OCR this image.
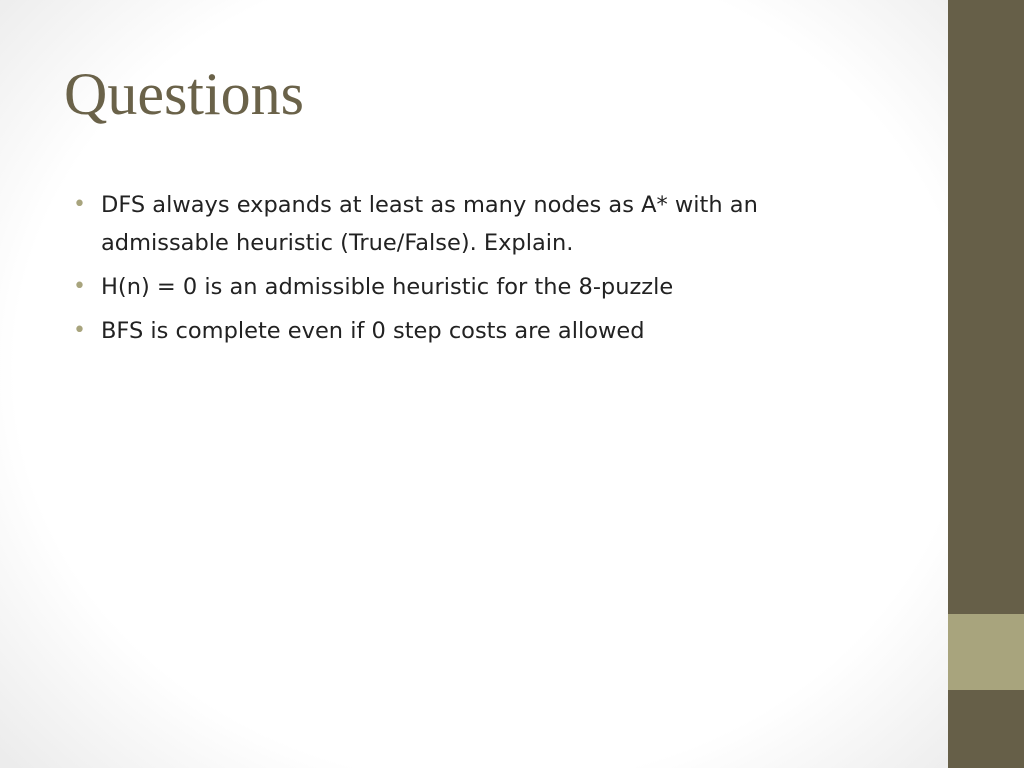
Questions
• DFS always expands at least as many nodes as A* with an admissable heuristic (True/False). Explain.
• H(n) = 0 is an admissible heuristic for the 8-puzzle
• BFS is complete even if 0 step costs are allowed
